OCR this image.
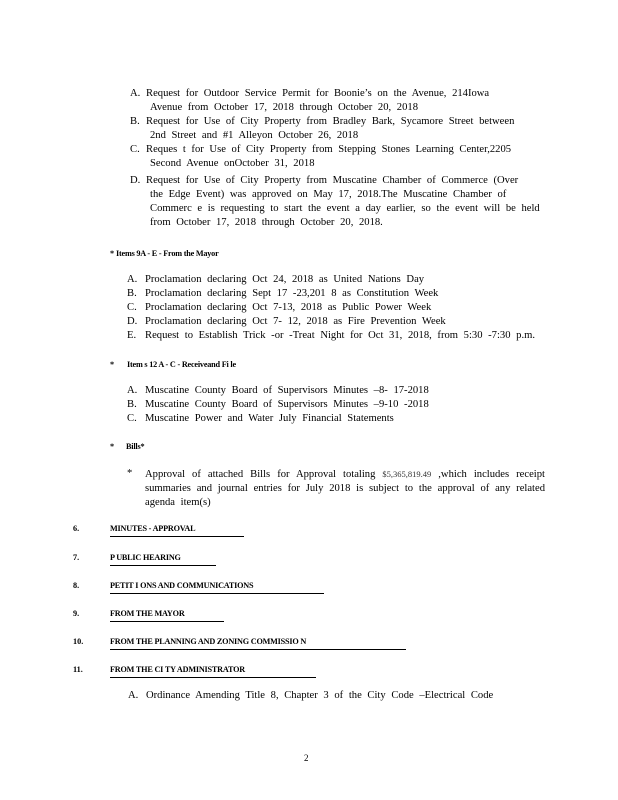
A. Request for Outdoor Service Permit for Boonie’s on the Avenue, 214Iowa
Avenue from October 17, 2018 through October 20, 2018
B. Request for Use of City Property from Bradley Bark, Sycamore Street between
2nd Street and #1 Alleyon October 26, 2018
C. Reques t for Use of City Property from Stepping Stones Learning Center,2205
Second Avenue onOctober 31, 2018
D. Request for Use of City Property from Muscatine Chamber of Commerce (Over
the Edge Event) was approved on May 17, 2018.The Muscatine Chamber of
Commerc e is requesting to start the event a day earlier, so the event will be held
from October 17, 2018 through October 20, 2018.
* Items 9A - E - From the Mayor
A. Proclamation declaring Oct 24, 2018 as United Nations Day
B. Proclamation declaring Sept 17 -23,201 8 as Constitution Week
C. Proclamation declaring Oct 7-13, 2018 as Public Power Week
D. Proclamation declaring Oct 7- 12, 2018 as Fire Prevention Week
E. Request to Establish Trick -or -Treat Night for Oct 31, 2018, from 5:30 -7:30 p.m.
* Item s 12 A - C - Receiveand Fi le
A. Muscatine County Board of Supervisors Minutes –8- 17-2018
B. Muscatine County Board of Supervisors Minutes –9-10 -2018
C. Muscatine Power and Water July Financial Statements
* Bills*
* Approval of attached Bills for Approval totaling $5,365,819.49 ,which includes receipt summaries and journal entries for July 2018 is subject to the approval of any related agenda item(s)
6.	MINUTES - APPROVAL
7.	P UBLIC HEARING
8.	PETIT I ONS AND COMMUNICATIONS
9.	FROM THE MAYOR
10.	FROM THE PLANNING AND ZONING COMMISSIO N
11.	FROM THE CI TY ADMINISTRATOR
A. Ordinance Amending Title 8, Chapter 3 of the City Code –Electrical Code
2
